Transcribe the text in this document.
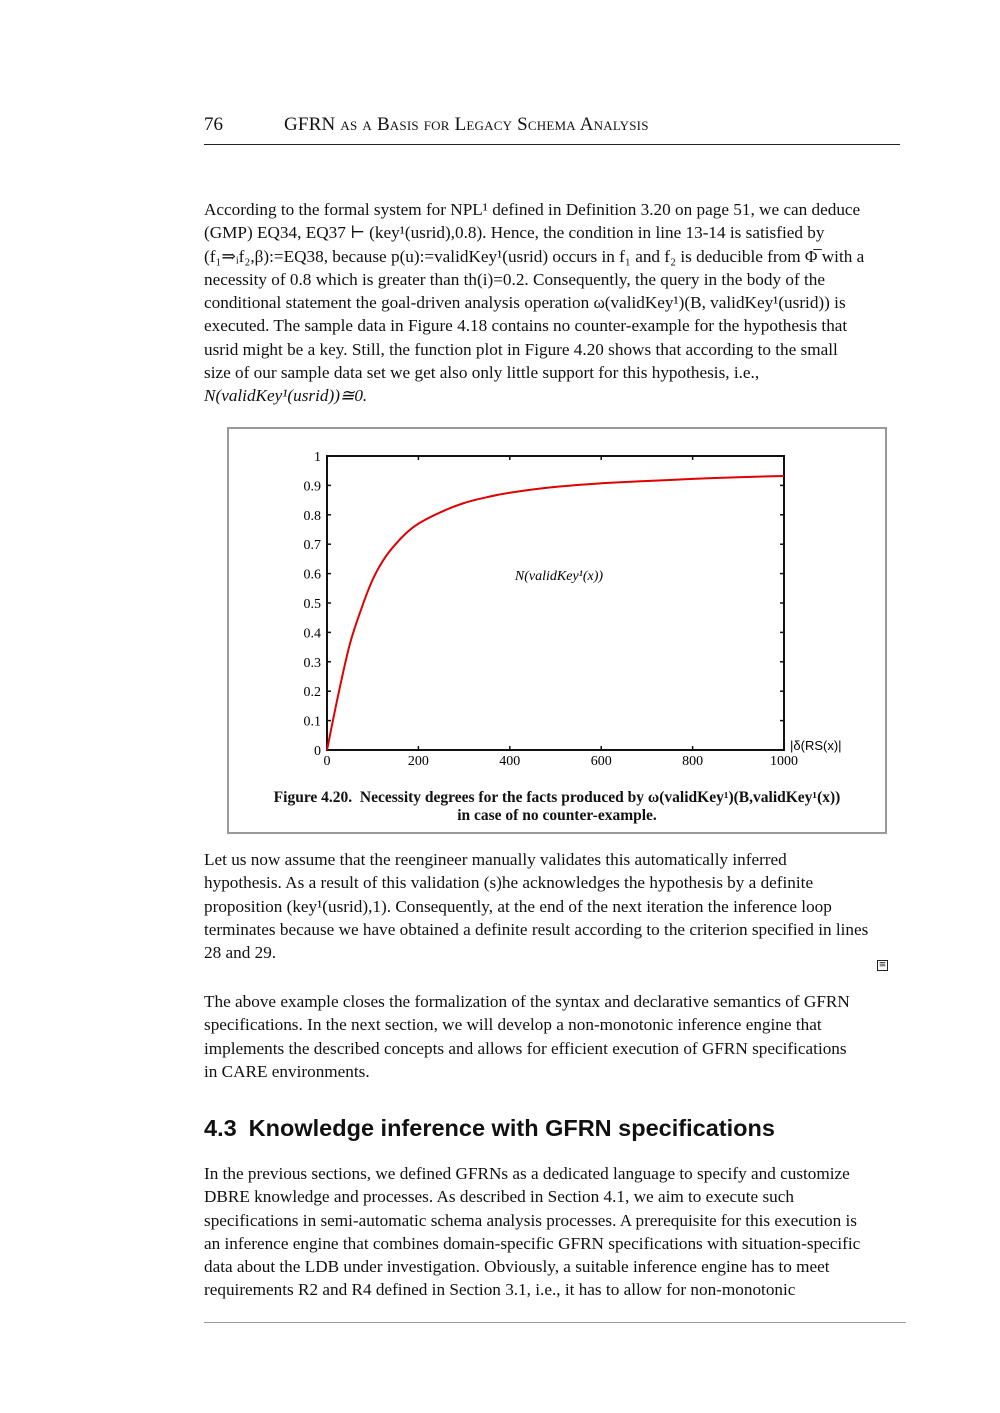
76	GFRN as a Basis for Legacy Schema Analysis

According to the formal system for NPL¹ defined in Definition 3.20 on page 51, we can deduce

(GMP) EQ34, EQ37 ⊢ (key¹(usrid),0.8). Hence, the condition in line 13-14 is satisfied by

(f₁⇒ᵢf₂,β):=EQ38, because p(u):=validKey¹(usrid) occurs in f₁ and f₂ is deducible from Φ̅ with a

necessity of 0.8 which is greater than th(i)=0.2. Consequently, the query in the body of the

conditional statement the goal-driven analysis operation ω(validKey¹)(B, validKey¹(usrid)) is

executed. The sample data in Figure 4.18 contains no counter-example for the hypothesis that

usrid might be a key. Still, the function plot in Figure 4.20 shows that according to the small

size of our sample data set we get also only little support for this hypothesis, i.e.,

N(validKey¹(usrid))≅0.

0
0.1
0.2
0.3
0.4
0.5
0.6
0.7
0.8
0.9
1
0	200	400	600	800	1000
N(validKey¹(x))
|δ(RS(x)|
Figure 4.20. Necessity degrees for the facts produced by ω(validKey¹)(B,validKey¹(x))
in case of no counter-example.

Let us now assume that the reengineer manually validates this automatically inferred

hypothesis. As a result of this validation (s)he acknowledges the hypothesis by a definite

proposition (key¹(usrid),1). Consequently, at the end of the next iteration the inference loop

terminates because we have obtained a definite result according to the criterion specified in lines

28 and 29.

≡

The above example closes the formalization of the syntax and declarative semantics of GFRN

specifications. In the next section, we will develop a non-monotonic inference engine that

implements the described concepts and allows for efficient execution of GFRN specifications

in CARE environments.

4.3 Knowledge inference with GFRN specifications

In the previous sections, we defined GFRNs as a dedicated language to specify and customize

DBRE knowledge and processes. As described in Section 4.1, we aim to execute such

specifications in semi-automatic schema analysis processes. A prerequisite for this execution is

an inference engine that combines domain-specific GFRN specifications with situation-specific

data about the LDB under investigation. Obviously, a suitable inference engine has to meet

requirements R2 and R4 defined in Section 3.1, i.e., it has to allow for non-monotonic
